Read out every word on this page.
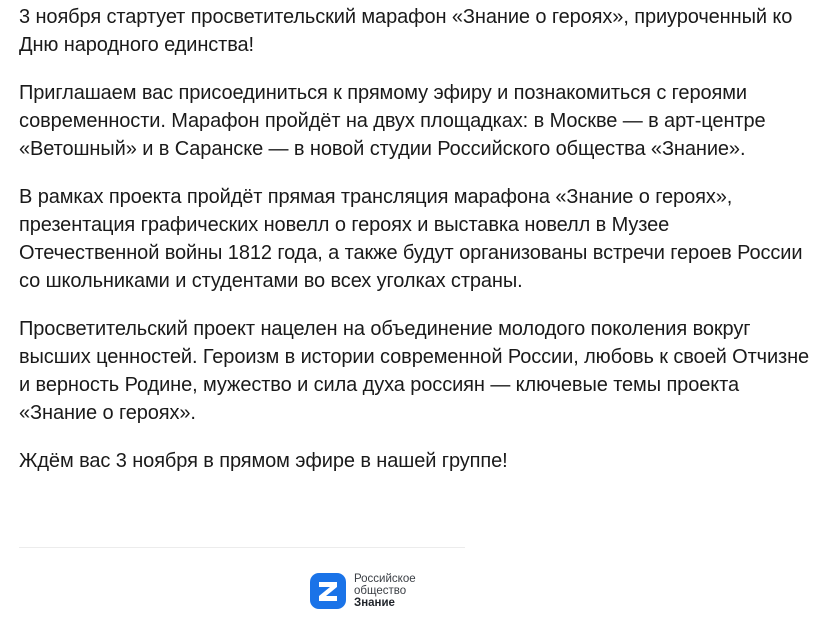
3 ноября стартует просветительский марафон «Знание о героях», приуроченный ко Дню народного единства!

Приглашаем вас присоединиться к прямому эфиру и познакомиться с героями современности. Марафон пройдёт на двух площадках: в Москве — в арт-центре «Ветошный» и в Саранске — в новой студии Российского общества «Знание».

В рамках проекта пройдёт прямая трансляция марафона «Знание о героях», презентация графических новелл о героях и выставка новелл в Музее Отечественной войны 1812 года, а также будут организованы встречи героев России со школьниками и студентами во всех уголках страны.

Просветительский проект нацелен на объединение молодого поколения вокруг высших ценностей. Героизм в истории современной России, любовь к своей Отчизне и верность Родине, мужество и сила духа россиян — ключевые темы проекта «Знание о героях».

Ждём вас 3 ноября в прямом эфире в нашей группе!

Российское
общество
Знание
